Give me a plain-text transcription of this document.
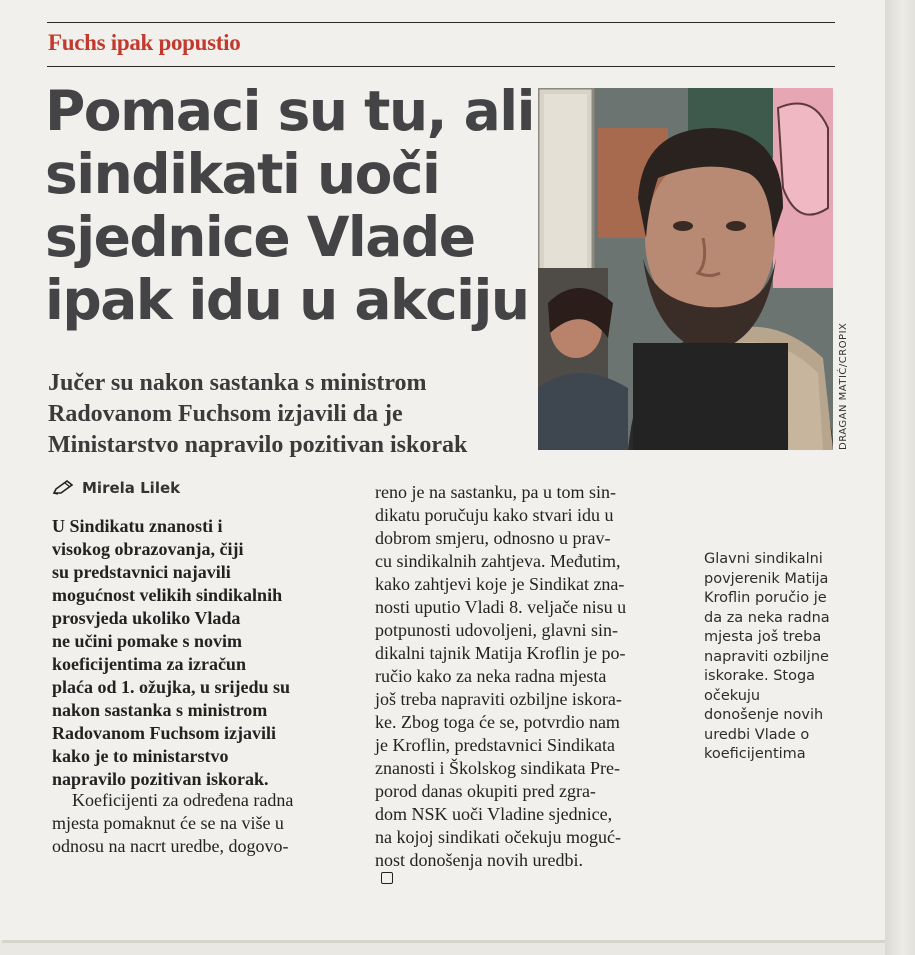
Fuchs ipak popustio
Pomaci su tu, ali
sindikati uoči
sjednice Vlade
ipak idu u akciju
Jučer su nakon sastanka s ministrom
Radovanom Fuchsom izjavili da je
Ministarstvo napravilo pozitivan iskorak	DRAGAN MATIĆ/CROPIX
Mirela Lilek
U Sindikatu znanosti i
visokog obrazovanja, čiji
su predstavnici najavili
mogućnost velikih sindikalnih
prosvjeda ukoliko Vlada
ne učini pomake s novim
koeficijentima za izračun
plaća od 1. ožujka, u srijedu su
nakon sastanka s ministrom
Radovanom Fuchsom izjavili
kako je to ministarstvo
napravilo pozitivan iskorak.
Koeficijenti za određena radna
mjesta pomaknut će se na više u
odnosu na nacrt uredbe, dogovo-
reno je na sastanku, pa u tom sin-
dikatu poručuju kako stvari idu u
dobrom smjeru, odnosno u prav-
cu sindikalnih zahtjeva. Međutim,
kako zahtjevi koje je Sindikat zna-
nosti uputio Vladi 8. veljače nisu u
potpunosti udovoljeni, glavni sin-
dikalni tajnik Matija Kroflin je po-
ručio kako za neka radna mjesta
još treba napraviti ozbiljne iskora-
ke. Zbog toga će se, potvrdio nam
je Kroflin, predstavnici Sindikata
znanosti i Školskog sindikata Pre-
porod danas okupiti pred zgra-
dom NSK uoči Vladine sjednice,
na kojoj sindikati očekuju moguć-
nost donošenja novih uredbi.
Glavni sindikalni
povjerenik Matija
Kroflin poručio je
da za neka radna
mjesta još treba
napraviti ozbiljne
iskorake. Stoga
očekuju
donošenje novih
uredbi Vlade o
koeficijentima
